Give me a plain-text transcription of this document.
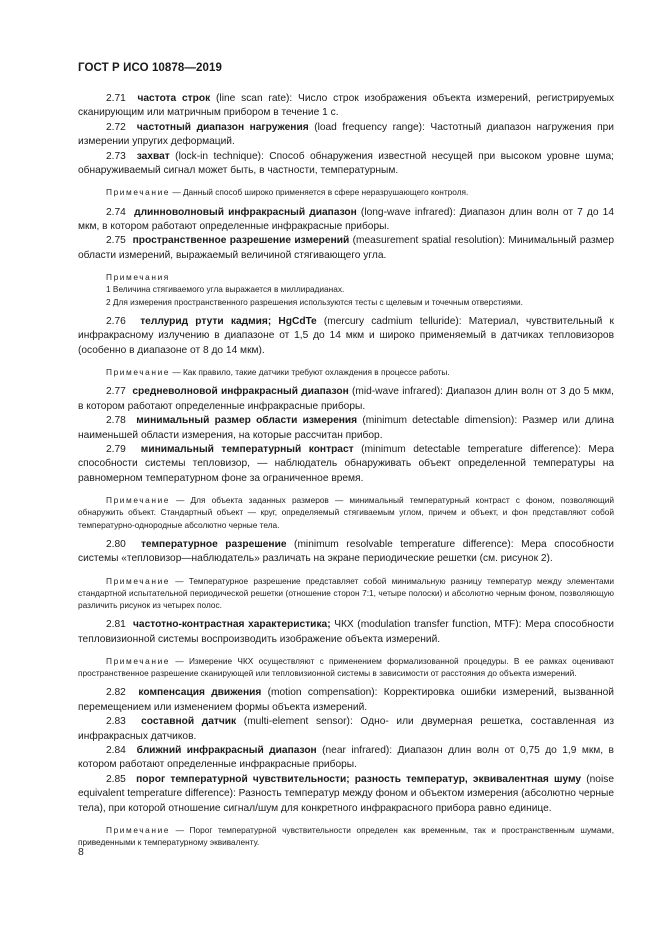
ГОСТ Р ИСО 10878—2019

2.71 частота строк (line scan rate): Число строк изображения объекта измерений, регистрируемых сканирующим или матричным прибором в течение 1 с.

2.72 частотный диапазон нагружения (load frequency range): Частотный диапазон нагружения при измерении упругих деформаций.

2.73 захват (lock-in technique): Способ обнаружения известной несущей при высоком уровне шума; обнаруживаемый сигнал может быть, в частности, температурным.

Примечание — Данный способ широко применяется в сфере неразрушающего контроля.

2.74 длинноволновый инфракрасный диапазон (long-wave infrared): Диапазон длин волн от 7 до 14 мкм, в котором работают определенные инфракрасные приборы.

2.75 пространственное разрешение измерений (measurement spatial resolution): Минимальный размер области измерений, выражаемый величиной стягивающего угла.

Примечания

1 Величина стягиваемого угла выражается в миллирадианах.

2 Для измерения пространственного разрешения используются тесты с щелевым и точечным отверстиями.

2.76 теллурид ртути кадмия; HgCdTe (mercury cadmium telluride): Материал, чувствительный к инфракрасному излучению в диапазоне от 1,5 до 14 мкм и широко применяемый в датчиках тепловизоров (особенно в диапазоне от 8 до 14 мкм).

Примечание — Как правило, такие датчики требуют охлаждения в процессе работы.

2.77 средневолновой инфракрасный диапазон (mid-wave infrared): Диапазон длин волн от 3 до 5 мкм, в котором работают определенные инфракрасные приборы.

2.78 минимальный размер области измерения (minimum detectable dimension): Размер или длина наименьшей области измерения, на которые рассчитан прибор.

2.79 минимальный температурный контраст (minimum detectable temperature difference): Мера способности системы тепловизор, — наблюдатель обнаруживать объект определенной температуры на равномерном температурном фоне за ограниченное время.

Примечание — Для объекта заданных размеров — минимальный температурный контраст с фоном, позволяющий обнаружить объект. Стандартный объект — круг, определяемый стягиваемым углом, причем и объект, и фон представляют собой температурно-однородные абсолютно черные тела.

2.80 температурное разрешение (minimum resolvable temperature difference): Мера способности системы «тепловизор—наблюдатель» различать на экране периодические решетки (см. рисунок 2).

Примечание — Температурное разрешение представляет собой минимальную разницу температур между элементами стандартной испытательной периодической решетки (отношение сторон 7:1, четыре полоски) и абсолютно черным фоном, позволяющую различить рисунок из четырех полос.

2.81 частотно-контрастная характеристика; ЧКХ (modulation transfer function, MTF): Мера способности тепловизионной системы воспроизводить изображение объекта измерений.

Примечание — Измерение ЧКХ осуществляют с применением формализованной процедуры. В ее рамках оценивают пространственное разрешение сканирующей или тепловизионной системы в зависимости от расстояния до объекта измерений.

2.82 компенсация движения (motion compensation): Корректировка ошибки измерений, вызванной перемещением или изменением формы объекта измерений.

2.83 составной датчик (multi-element sensor): Одно- или двумерная решетка, составленная из инфракрасных датчиков.

2.84 ближний инфракрасный диапазон (near infrared): Диапазон длин волн от 0,75 до 1,9 мкм, в котором работают определенные инфракрасные приборы.

2.85 порог температурной чувствительности; разность температур, эквивалентная шуму (noise equivalent temperature difference): Разность температур между фоном и объектом измерения (абсолютно черные тела), при которой отношение сигнал/шум для конкретного инфракрасного прибора равно единице.

Примечание — Порог температурной чувствительности определен как временным, так и пространственным шумами, приведенными к температурному эквиваленту.

8
